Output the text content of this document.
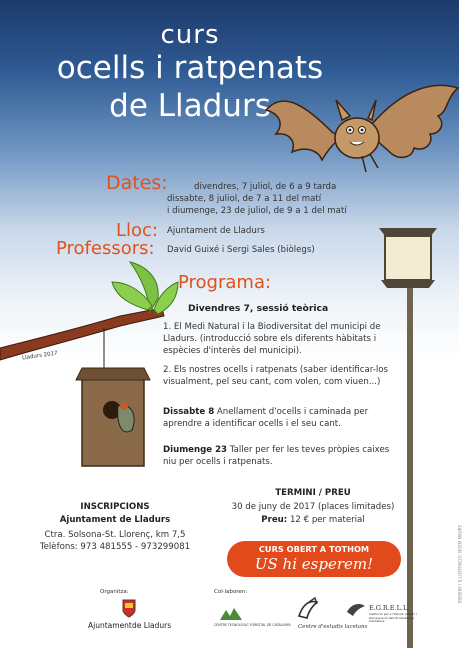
curs
ocells i ratpenats
de Lladurs
Lladurs 2017
Dates:	divendres, 7 juliol, de 6 a 9 tarda
dissabte, 8 juliol, de 7 a 11 del matí
i diumenge, 23 de juliol, de 9 a 1 del matí
Lloc: Ajuntament de Lladurs
Professors: David Guixé i Sergi Sales (biòlegs)
Programa:
Divendres 7, sessió teòrica
1. El Medi Natural i la Biodiversitat del municipi de Lladurs. (introducció sobre els diferents hàbitats i espècies d'interès del municipi).
2. Els nostres ocells i ratpenats (saber identificar-los visualment, pel seu cant, com volen, com viuen...)
Dissabte 8 Anellament d'ocells i caminada per aprendre a identificar ocells i el seu cant.
Diumenge 23 Taller per fer les teves pròpies caixes niu per ocells i ratpenats.
INSCRIPCIONS
Ajuntament de Lladurs
Ctra. Solsona-St. Llorenç, km 7,5
Telèfons: 973 481555 - 973299081
TERMINI / PREU
30 de juny de 2017 (places limitades)
Preu: 12 € per material
CURS OBERT A TOTHOM
US hi esperem!
Organitza:
Ajuntament de Lladurs
Col·laboren:
CENTRE TECNOLÒGIC FORESTAL DE CATALUNYA	Centre d'estudis lacetans
E.G.R.E.L.L.
Institució per a l'Estudi, Gestió i Recuperació dels Ecosistemes Lleidatans
DISSENY I IL·LUSTRACIÓ: NOEM MAURE
